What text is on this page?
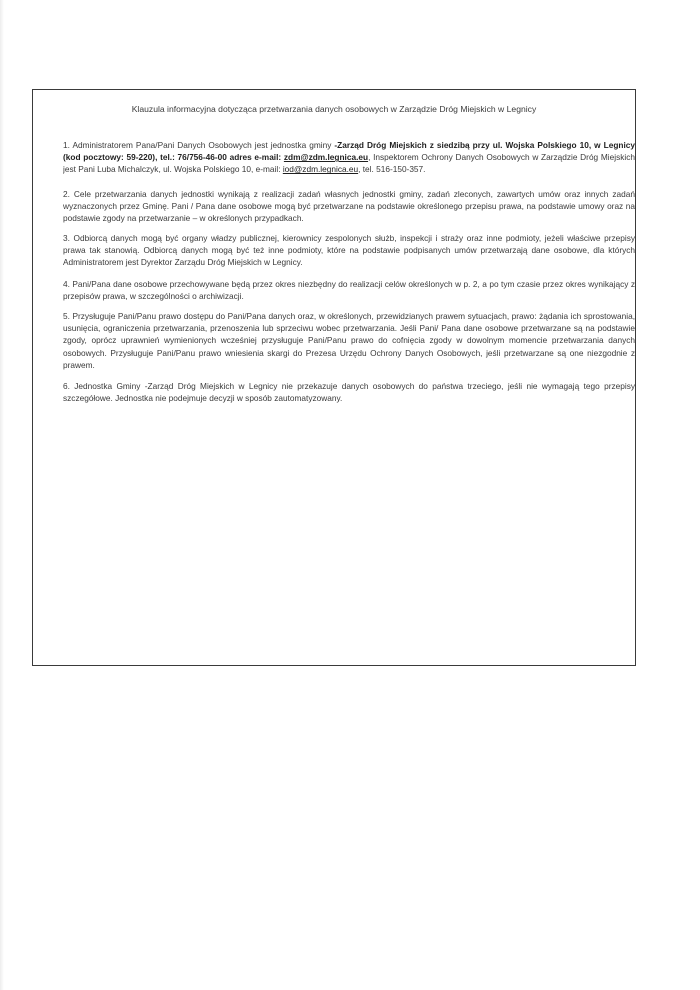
Klauzula informacyjna dotycząca przetwarzania danych osobowych w Zarządzie Dróg Miejskich w Legnicy

1. Administratorem Pana/Pani Danych Osobowych jest jednostka gminy -Zarząd Dróg Miejskich z siedzibą przy ul. Wojska Polskiego 10, w Legnicy (kod pocztowy: 59-220), tel.: 76/756-46-00 adres e-mail: zdm@zdm.legnica.eu, Inspektorem Ochrony Danych Osobowych w Zarządzie Dróg Miejskich jest Pani Luba Michalczyk, ul. Wojska Polskiego 10, e-mail: iod@zdm.legnica.eu, tel. 516-150-357.

2. Cele przetwarzania danych jednostki wynikają z realizacji zadań własnych jednostki gminy, zadań zleconych, zawartych umów oraz innych zadań wyznaczonych przez Gminę. Pani / Pana dane osobowe mogą być przetwarzane na podstawie określonego przepisu prawa, na podstawie umowy oraz na podstawie zgody na przetwarzanie – w określonych przypadkach.

3. Odbiorcą danych mogą być organy władzy publicznej, kierownicy zespolonych służb, inspekcji i straży oraz inne podmioty, jeżeli właściwe przepisy prawa tak stanowią. Odbiorcą danych mogą być też inne podmioty, które na podstawie podpisanych umów przetwarzają dane osobowe, dla których Administratorem jest Dyrektor Zarządu Dróg Miejskich w Legnicy.

4. Pani/Pana dane osobowe przechowywane będą przez okres niezbędny do realizacji celów określonych w p. 2, a po tym czasie przez okres wynikający z przepisów prawa, w szczególności o archiwizacji.

5. Przysługuje Pani/Panu prawo dostępu do Pani/Pana danych oraz, w określonych, przewidzianych prawem sytuacjach, prawo: żądania ich sprostowania, usunięcia, ograniczenia przetwarzania, przenoszenia lub sprzeciwu wobec przetwarzania. Jeśli Pani/ Pana dane osobowe przetwarzane są na podstawie zgody, oprócz uprawnień wymienionych wcześniej przysługuje Pani/Panu prawo do cofnięcia zgody w dowolnym momencie przetwarzania danych osobowych. Przysługuje Pani/Panu prawo wniesienia skargi do Prezesa Urzędu Ochrony Danych Osobowych, jeśli przetwarzane są one niezgodnie z prawem.

6. Jednostka Gminy -Zarząd Dróg Miejskich w Legnicy nie przekazuje danych osobowych do państwa trzeciego, jeśli nie wymagają tego przepisy szczegółowe. Jednostka nie podejmuje decyzji w sposób zautomatyzowany.
